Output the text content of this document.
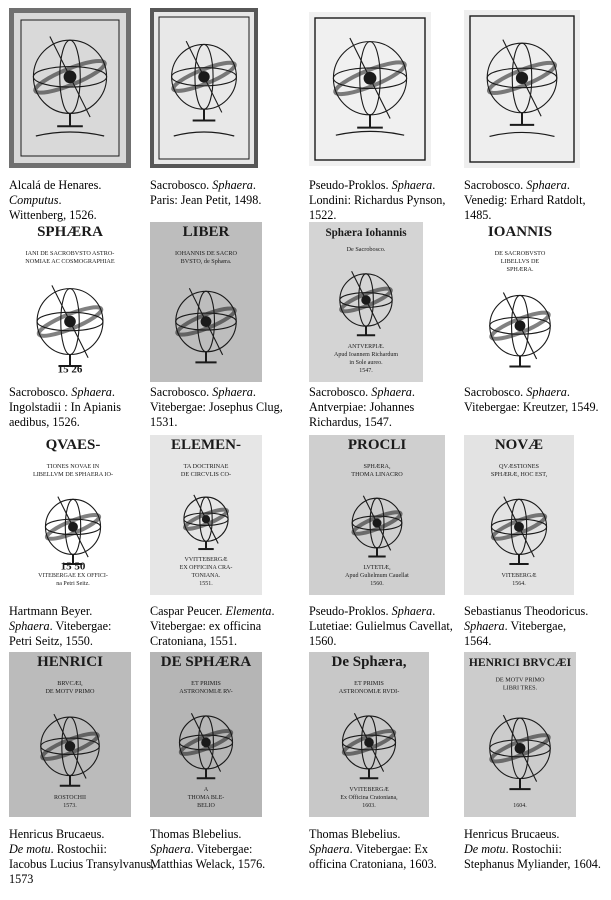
Alcalá de Henares.
Computus.
Wittenberg, 1526.
Sacrobosco. Sphaera.
Paris: Jean Petit, 1498.
Pseudo-Proklos. Sphaera.
Londini: Richardus Pynson, 1522.
Sacrobosco. Sphaera.
Venedig: Erhard Ratdolt, 1485.
SPHÆRA
IANI DE SACROBVSTO ASTRO-
NOMIAE AC COSMOGRAPHIAE
15 26
Sacrobosco. Sphaera.
Ingolstadii : In Apianis aedibus, 1526.
LIBER
IOHANNIS DE SACRO
BVSTO, de Sphæra.
Sacrobosco. Sphaera.
Vitebergae: Josephus Clug, 1531.
Sphæra Iohannis
De Sacrobosco.
ANTVERPIÆ.
Apud Ioannem Richardum
in Sole aureo.
1547.
Sacrobosco. Sphaera.
Antverpiae: Johannes Richardus, 1547.
IOANNIS
DE SACROBVSTO
LIBELLVS DE
SPHÆRA.
Sacrobosco. Sphaera.
Vitebergae: Kreutzer, 1549.
QVAES-
TIONES NOVAE IN
LIBELLVM DE SPHAERA IO-
15 50
VITEBERGAE EX OFFICI-
na Petri Seitz.
Hartmann Beyer.
Sphaera. Vitebergae:
Petri Seitz, 1550.
ELEMEN-
TA DOCTRINAE
DE CIRCVLIS CO-
VVITTEBERGÆ
EX OFFICINA CRA-
TONIANA.
1551.
Caspar Peucer. Elementa.
Vitebergae: ex officina Cratoniana, 1551.
PROCLI
SPHÆRA,
THOMA LINACRO
LVTETIÆ,
Apud Gulielmum Cauellat
1560.
Pseudo-Proklos. Sphaera.
Lutetiae: Gulielmus Cavellat, 1560.
NOVÆ
QVÆSTIONES
SPHÆRÆ, HOC EST,
VITEBERGÆ
1564.
Sebastianus Theodoricus.
Sphaera. Vitebergae,
1564.
HENRICI
BRVCÆI,
DE MOTV PRIMO
ROSTOCHII
1573.
Henricus Brucaeus.
De motu. Rostochii:
Iacobus Lucius Transylvanus, 1573
DE SPHÆRA
ET PRIMIS
ASTRONOMIÆ RV-
A
THOMA BLE-
BELIO
Thomas Blebelius.
Sphaera. Vitebergae:
Matthias Welack, 1576.
De Sphæra,
ET PRIMIS
ASTRONOMIÆ RVDI-
VVITEBERGÆ
Ex Officina Cratoniana,
1603.
Thomas Blebelius.
Sphaera. Vitebergae: Ex
officina Cratoniana, 1603.
HENRICI BRVCÆI
DE MOTV PRIMO
LIBRI TRES.
1604.
Henricus Brucaeus.
De motu. Rostochii:
Stephanus Myliander, 1604.
